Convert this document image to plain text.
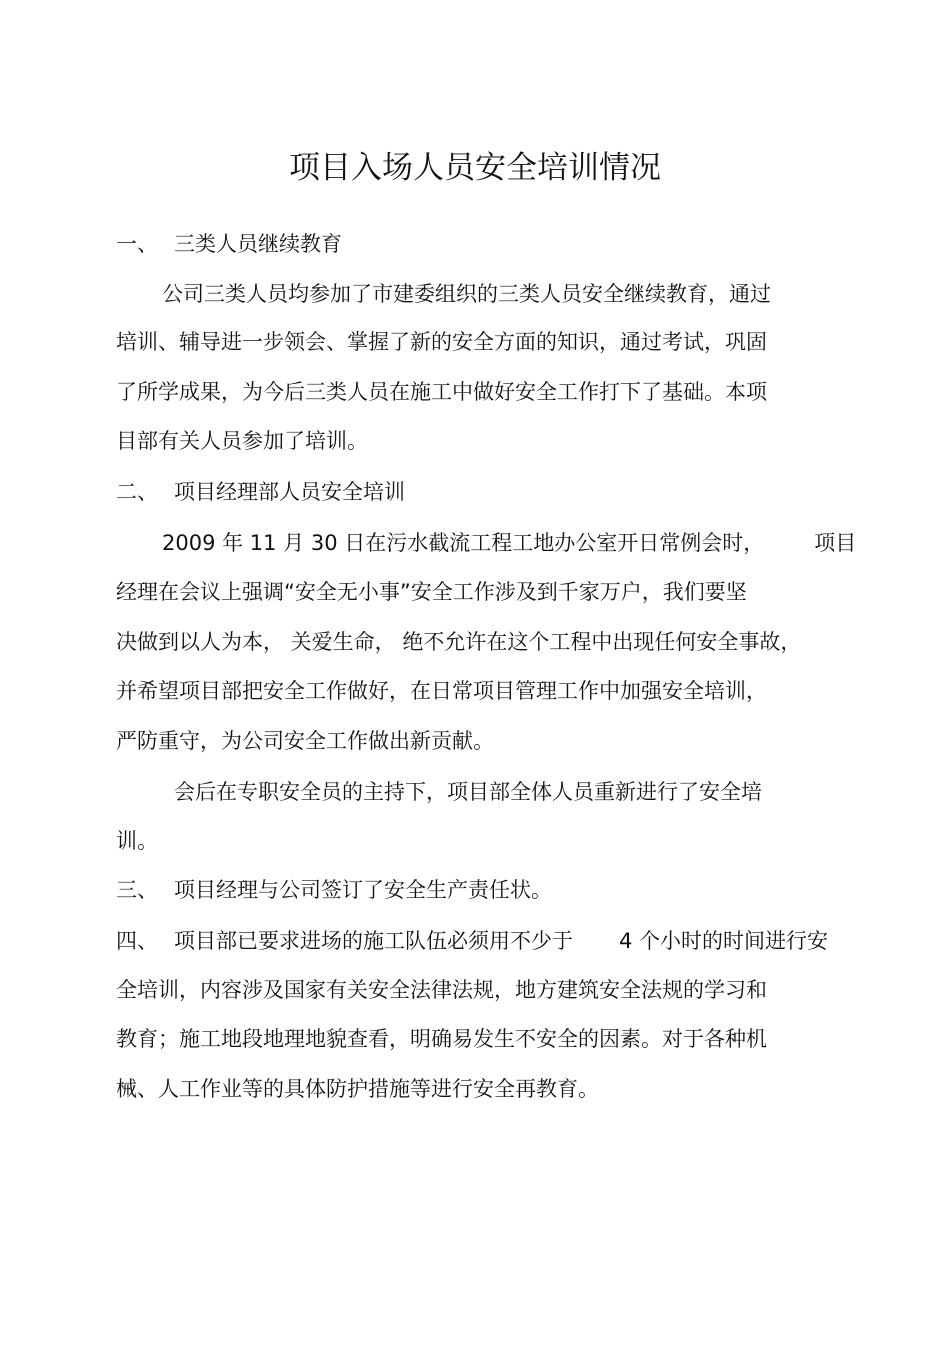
项目入场人员安全培训情况
一、 三类人员继续教育
公司三类人员均参加了市建委组织的三类人员安全继续教育，通过
培训、辅导进一步领会、掌握了新的安全方面的知识，通过考试，巩固
了所学成果，为今后三类人员在施工中做好安全工作打下了基础。本项
目部有关人员参加了培训。
二、 项目经理部人员安全培训
2009 年 11 月 30 日在污水截流工程工地办公室开日常例会时， 项目
经理在会议上强调“安全无小事”安全工作涉及到千家万户，我们要坚
决做到以人为本， 关爱生命， 绝不允许在这个工程中出现任何安全事故，
并希望项目部把安全工作做好，在日常项目管理工作中加强安全培训，
严防重守，为公司安全工作做出新贡献。
会后在专职安全员的主持下，项目部全体人员重新进行了安全培
训。
三、 项目经理与公司签订了安全生产责任状。
四、 项目部已要求进场的施工队伍必须用不少于 4 个小时的时间进行安
全培训，内容涉及国家有关安全法律法规，地方建筑安全法规的学习和
教育；施工地段地理地貌查看，明确易发生不安全的因素。对于各种机
械、人工作业等的具体防护措施等进行安全再教育。
